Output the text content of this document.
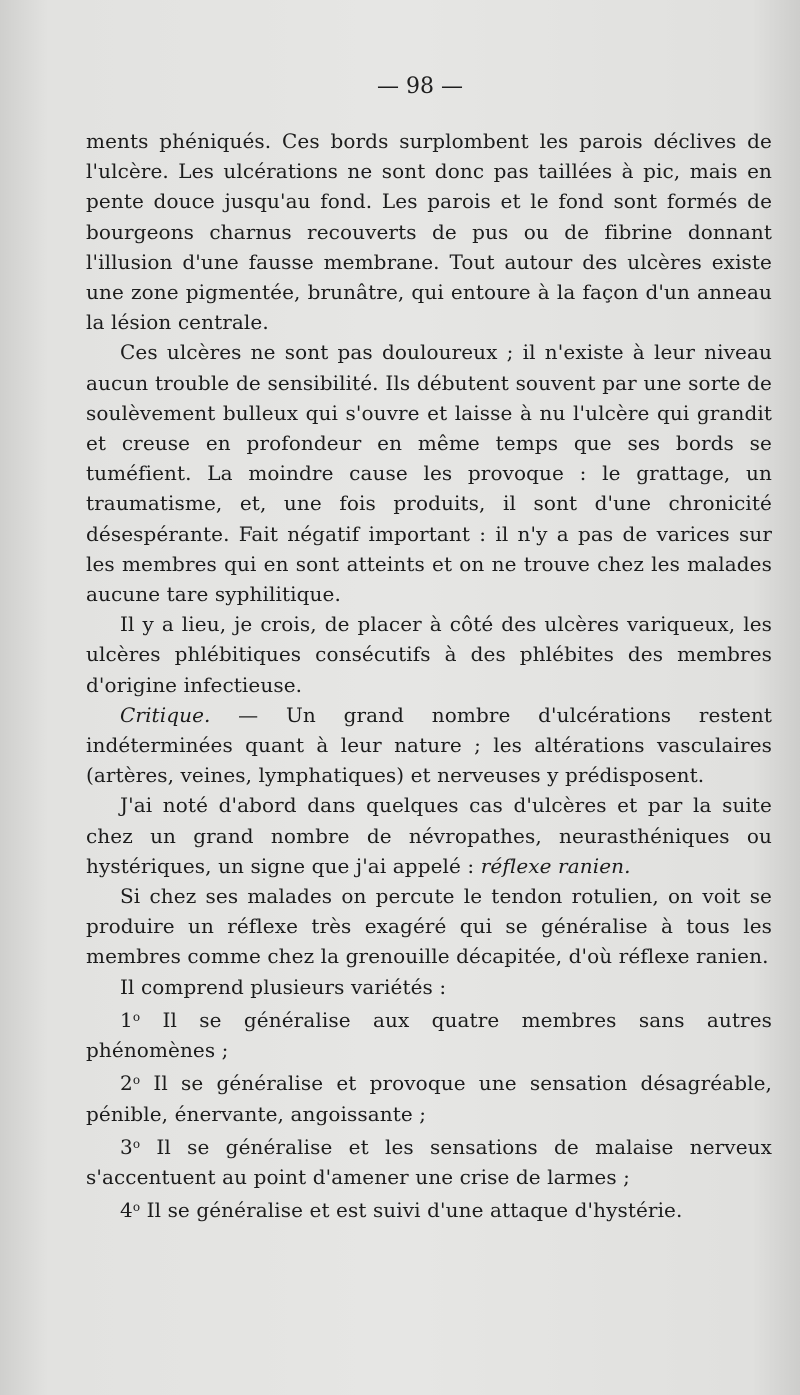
— 98 —

ments phéniqués. Ces bords surplombent les parois déclives de l'ulcère. Les ulcérations ne sont donc pas taillées à pic, mais en pente douce jusqu'au fond. Les parois et le fond sont formés de bourgeons charnus recouverts de pus ou de fibrine donnant l'illusion d'une fausse membrane. Tout autour des ulcères existe une zone pigmentée, brunâtre, qui entoure à la façon d'un anneau la lésion centrale.

Ces ulcères ne sont pas douloureux ; il n'existe à leur niveau aucun trouble de sensibilité. Ils débutent souvent par une sorte de soulèvement bulleux qui s'ouvre et laisse à nu l'ulcère qui grandit et creuse en profondeur en même temps que ses bords se tuméfient. La moindre cause les provoque : le grattage, un traumatisme, et, une fois produits, il sont d'une chronicité désespérante. Fait négatif important : il n'y a pas de varices sur les membres qui en sont atteints et on ne trouve chez les malades aucune tare syphilitique.

Il y a lieu, je crois, de placer à côté des ulcères variqueux, les ulcères phlébitiques consécutifs à des phlébites des membres d'origine infectieuse.

Critique. — Un grand nombre d'ulcérations restent indéterminées quant à leur nature ; les altérations vasculaires (artères, veines, lymphatiques) et nerveuses y prédisposent.

J'ai noté d'abord dans quelques cas d'ulcères et par la suite chez un grand nombre de névropathes, neurasthéniques ou hystériques, un signe que j'ai appelé : réflexe ranien.

Si chez ses malades on percute le tendon rotulien, on voit se produire un réflexe très exagéré qui se généralise à tous les membres comme chez la grenouille décapitée, d'où réflexe ranien.

Il comprend plusieurs variétés :

1$^o$ Il se généralise aux quatre membres sans autres phénomènes ;

2$^o$ Il se généralise et provoque une sensation désagréable, pénible, énervante, angoissante ;

3$^o$ Il se généralise et les sensations de malaise nerveux s'accentuent au point d'amener une crise de larmes ;

4$^o$ Il se généralise et est suivi d'une attaque d'hystérie.
